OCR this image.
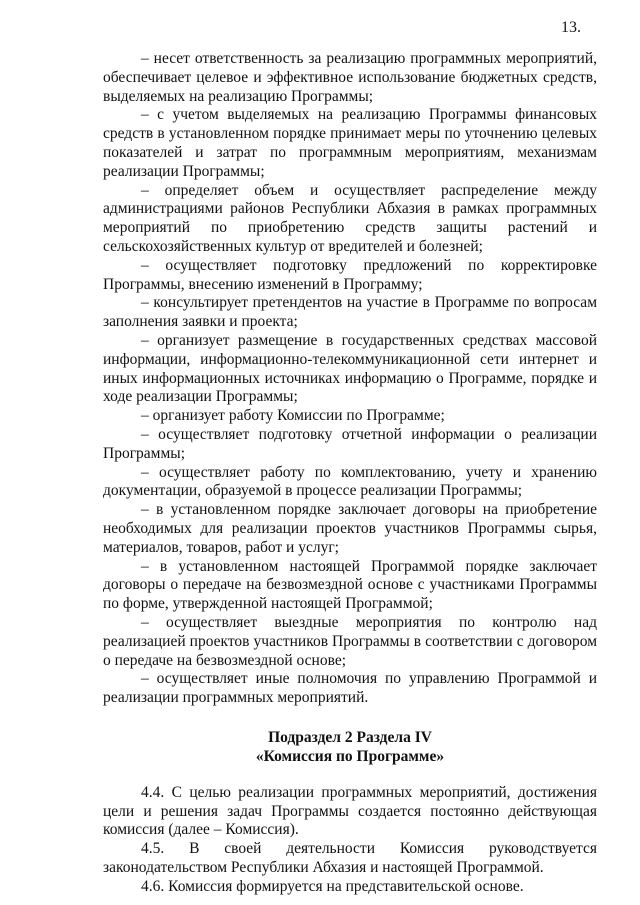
13.

– несет ответственность за реализацию программных мероприятий, обеспечивает целевое и эффективное использование бюджетных средств, выделяемых на реализацию Программы;

– с учетом выделяемых на реализацию Программы финансовых средств в установленном порядке принимает меры по уточнению целевых показателей и затрат по программным мероприятиям, механизмам реализации Программы;

– определяет объем и осуществляет распределение между администрациями районов Республики Абхазия в рамках программных мероприятий по приобретению средств защиты растений и сельскохозяйственных культур от вредителей и болезней;

– осуществляет подготовку предложений по корректировке Программы, внесению изменений в Программу;

– консультирует претендентов на участие в Программе по вопросам заполнения заявки и проекта;

– организует размещение в государственных средствах массовой информации, информационно-телекоммуникационной сети интернет и иных информационных источниках информацию о Программе, порядке и ходе реализации Программы;

– организует работу Комиссии по Программе;

– осуществляет подготовку отчетной информации о реализации Программы;

– осуществляет работу по комплектованию, учету и хранению документации, образуемой в процессе реализации Программы;

– в установленном порядке заключает договоры на приобретение необходимых для реализации проектов участников Программы сырья, материалов, товаров, работ и услуг;

– в установленном настоящей Программой порядке заключает договоры о передаче на безвозмездной основе с участниками Программы по форме, утвержденной настоящей Программой;

– осуществляет выездные мероприятия по контролю над реализацией проектов участников Программы в соответствии с договором о передаче на безвозмездной основе;

– осуществляет иные полномочия по управлению Программой и реализации программных мероприятий.

Подраздел 2 Раздела IV
«Комиссия по Программе»

4.4. С целью реализации программных мероприятий, достижения цели и решения задач Программы создается постоянно действующая комиссия (далее – Комиссия).

4.5. В своей деятельности Комиссия руководствуется законодательством Республики Абхазия и настоящей Программой.

4.6. Комиссия формируется на представительской основе.
